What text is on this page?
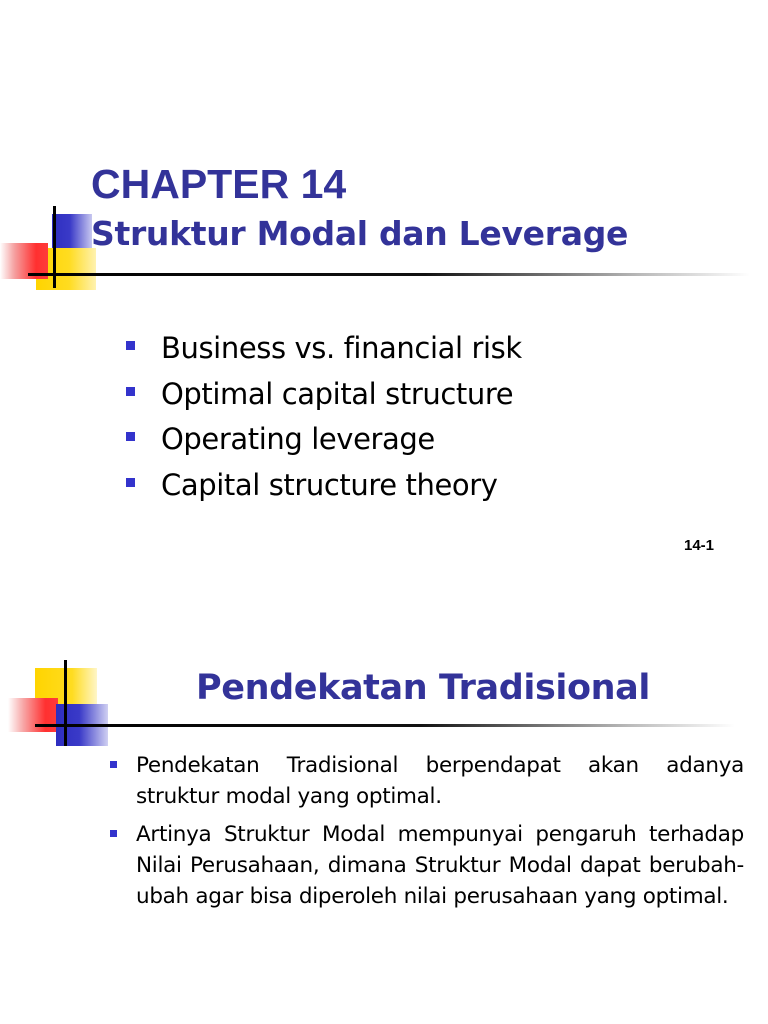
CHAPTER 14
Struktur Modal dan Leverage
Business vs. financial risk
Optimal capital structure
Operating leverage
Capital structure theory
14-1
Pendekatan Tradisional
Pendekatan Tradisional berpendapat akan adanya struktur modal yang optimal.
Artinya Struktur Modal mempunyai pengaruh terhadap Nilai Perusahaan, dimana Struktur Modal dapat berubah-ubah agar bisa diperoleh nilai perusahaan yang optimal.
